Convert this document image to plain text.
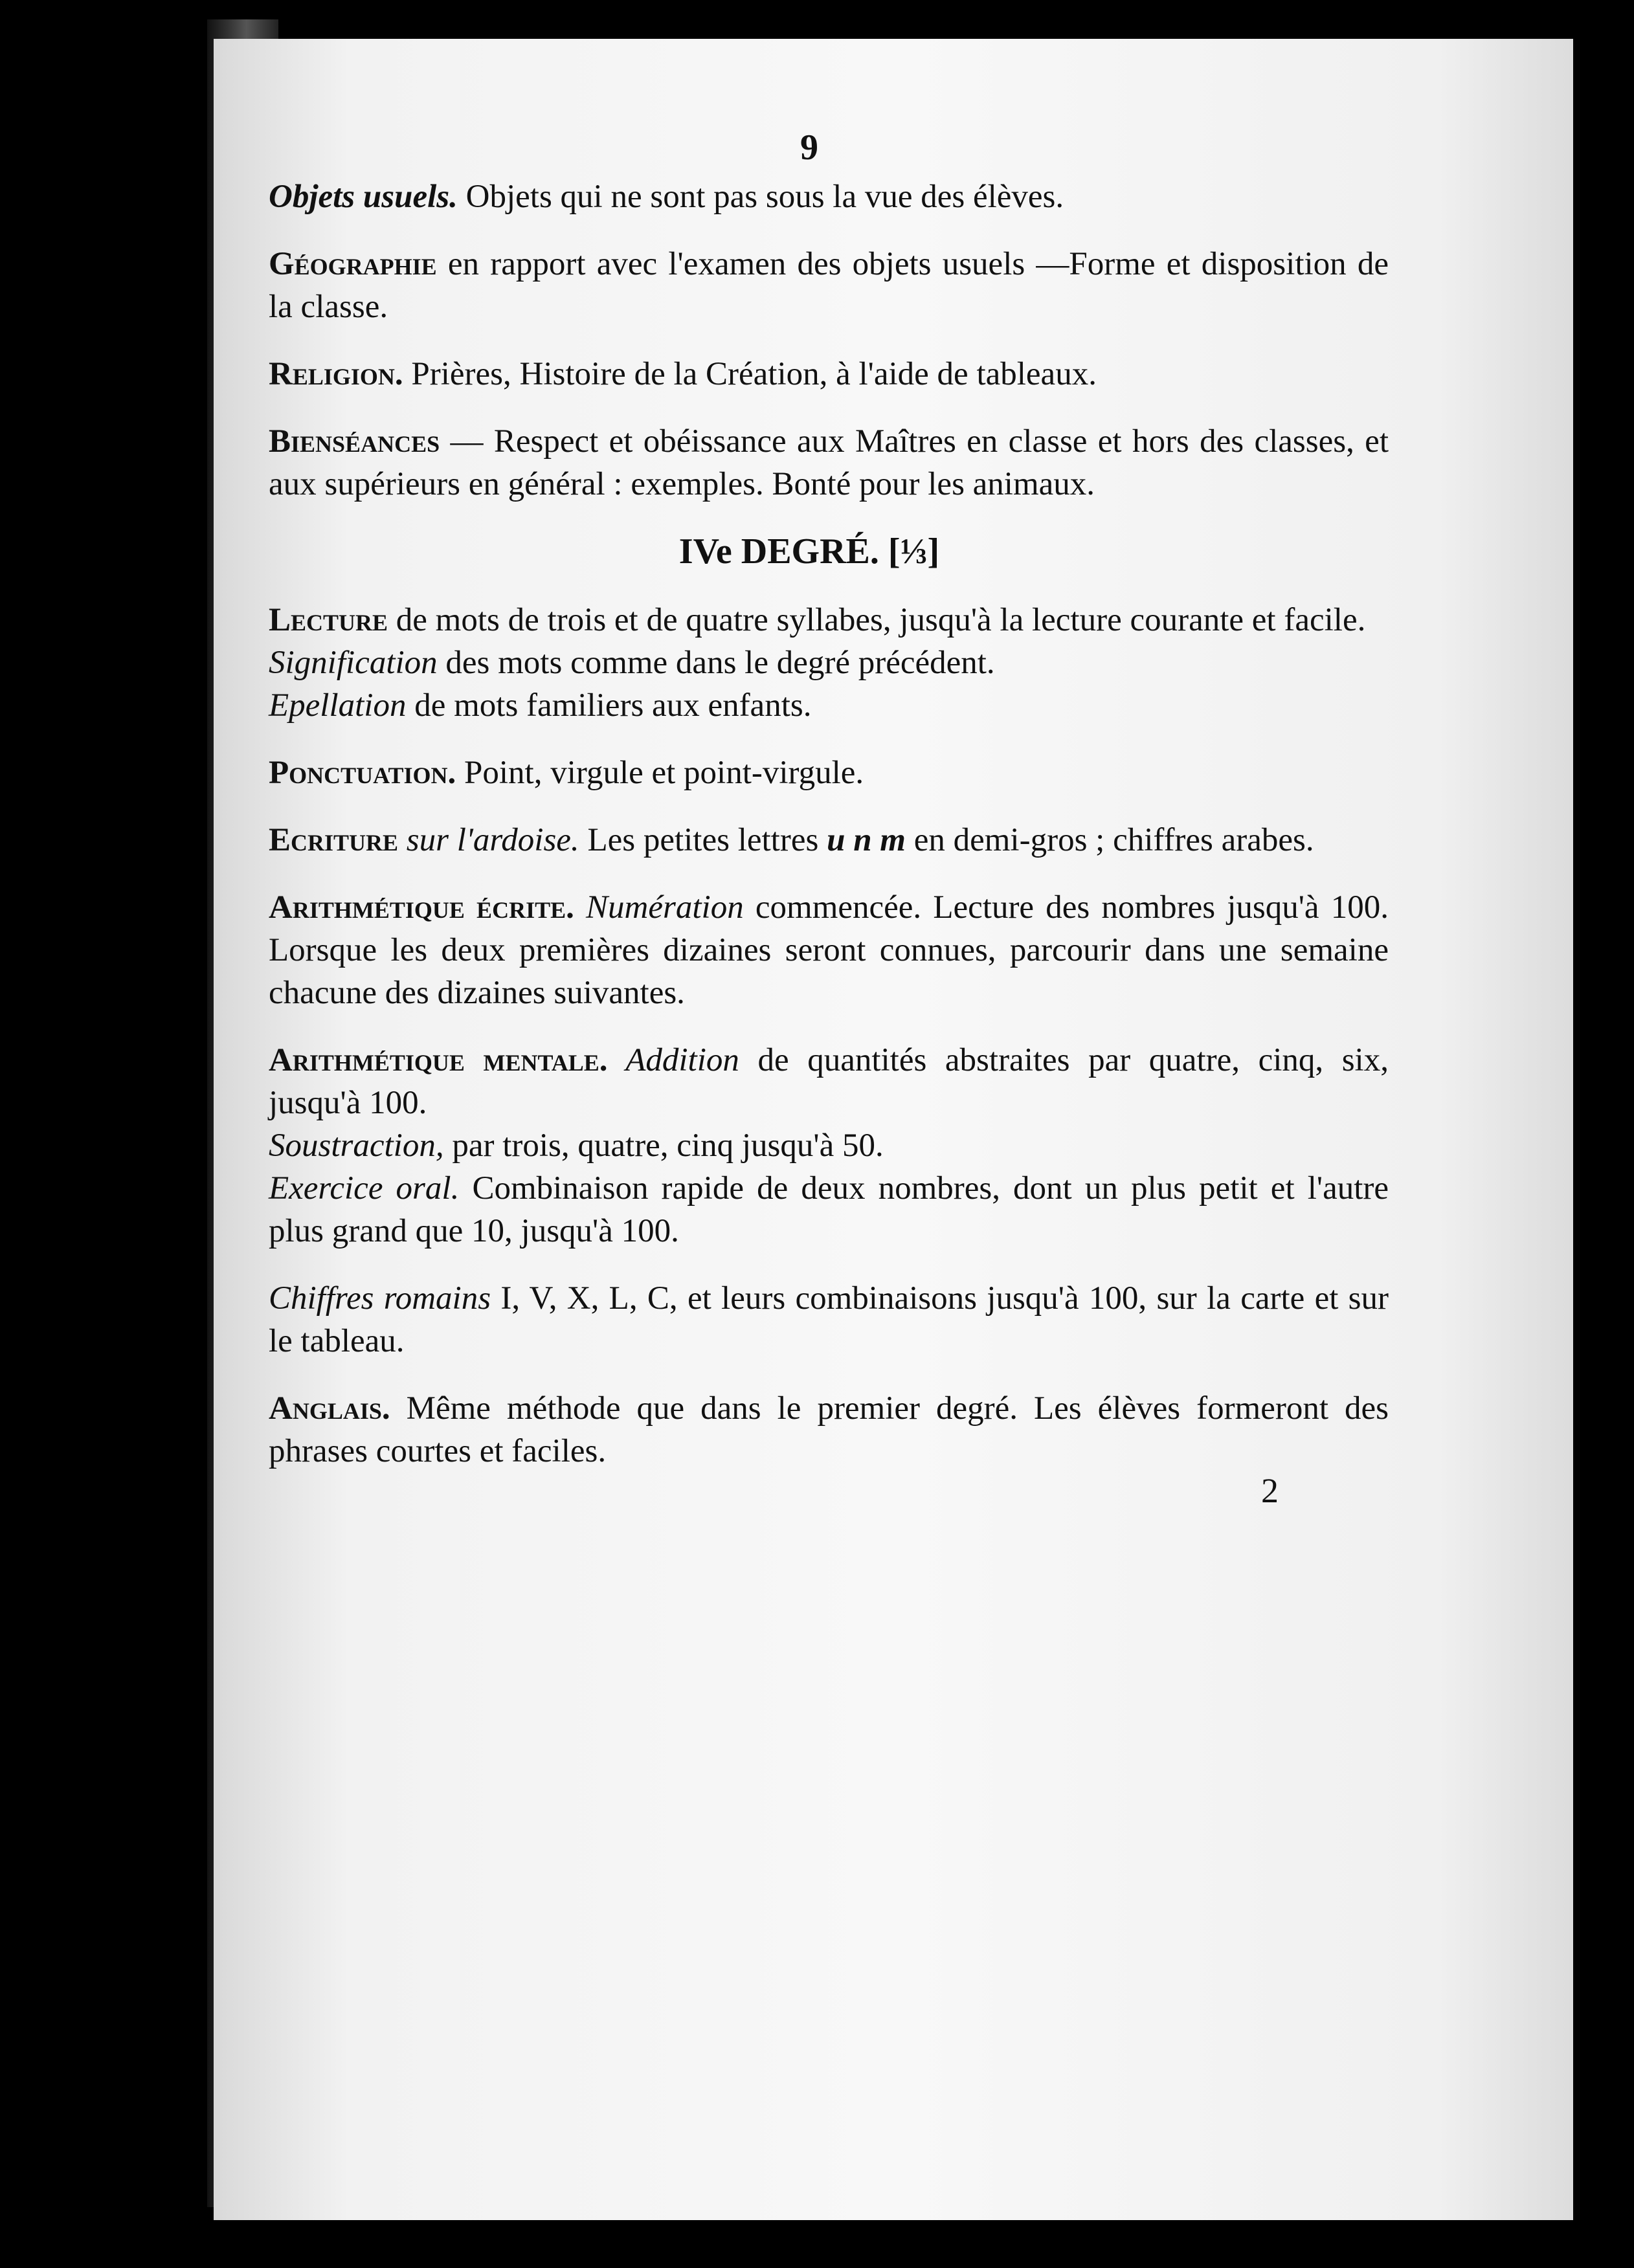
9

Objets usuels. Objets qui ne sont pas sous la vue des élèves.

Géographie en rapport avec l'examen des objets usuels —Forme et disposition de la classe.

Religion. Prières, Histoire de la Création, à l'aide de tableaux.

Bienséances — Respect et obéissance aux Maîtres en classe et hors des classes, et aux supérieurs en général : exemples. Bonté pour les animaux.

IVe DEGRÉ. [⅓]

Lecture de mots de trois et de quatre syllabes, jusqu'à la lecture courante et facile.

Signification des mots comme dans le degré précédent.

Epellation de mots familiers aux enfants.

Ponctuation. Point, virgule et point-virgule.

Ecriture sur l'ardoise. Les petites lettres u n m en demi-gros ; chiffres arabes.

Arithmétique écrite. Numération commencée. Lecture des nombres jusqu'à 100. Lorsque les deux premières dizaines seront connues, parcourir dans une semaine chacune des dizaines suivantes.

Arithmétique mentale. Addition de quantités abstraites par quatre, cinq, six, jusqu'à 100.

Soustraction, par trois, quatre, cinq jusqu'à 50.

Exercice oral. Combinaison rapide de deux nombres, dont un plus petit et l'autre plus grand que 10, jusqu'à 100.

Chiffres romains I, V, X, L, C, et leurs combinaisons jusqu'à 100, sur la carte et sur le tableau.

Anglais. Même méthode que dans le premier degré. Les élèves formeront des phrases courtes et faciles.

2
